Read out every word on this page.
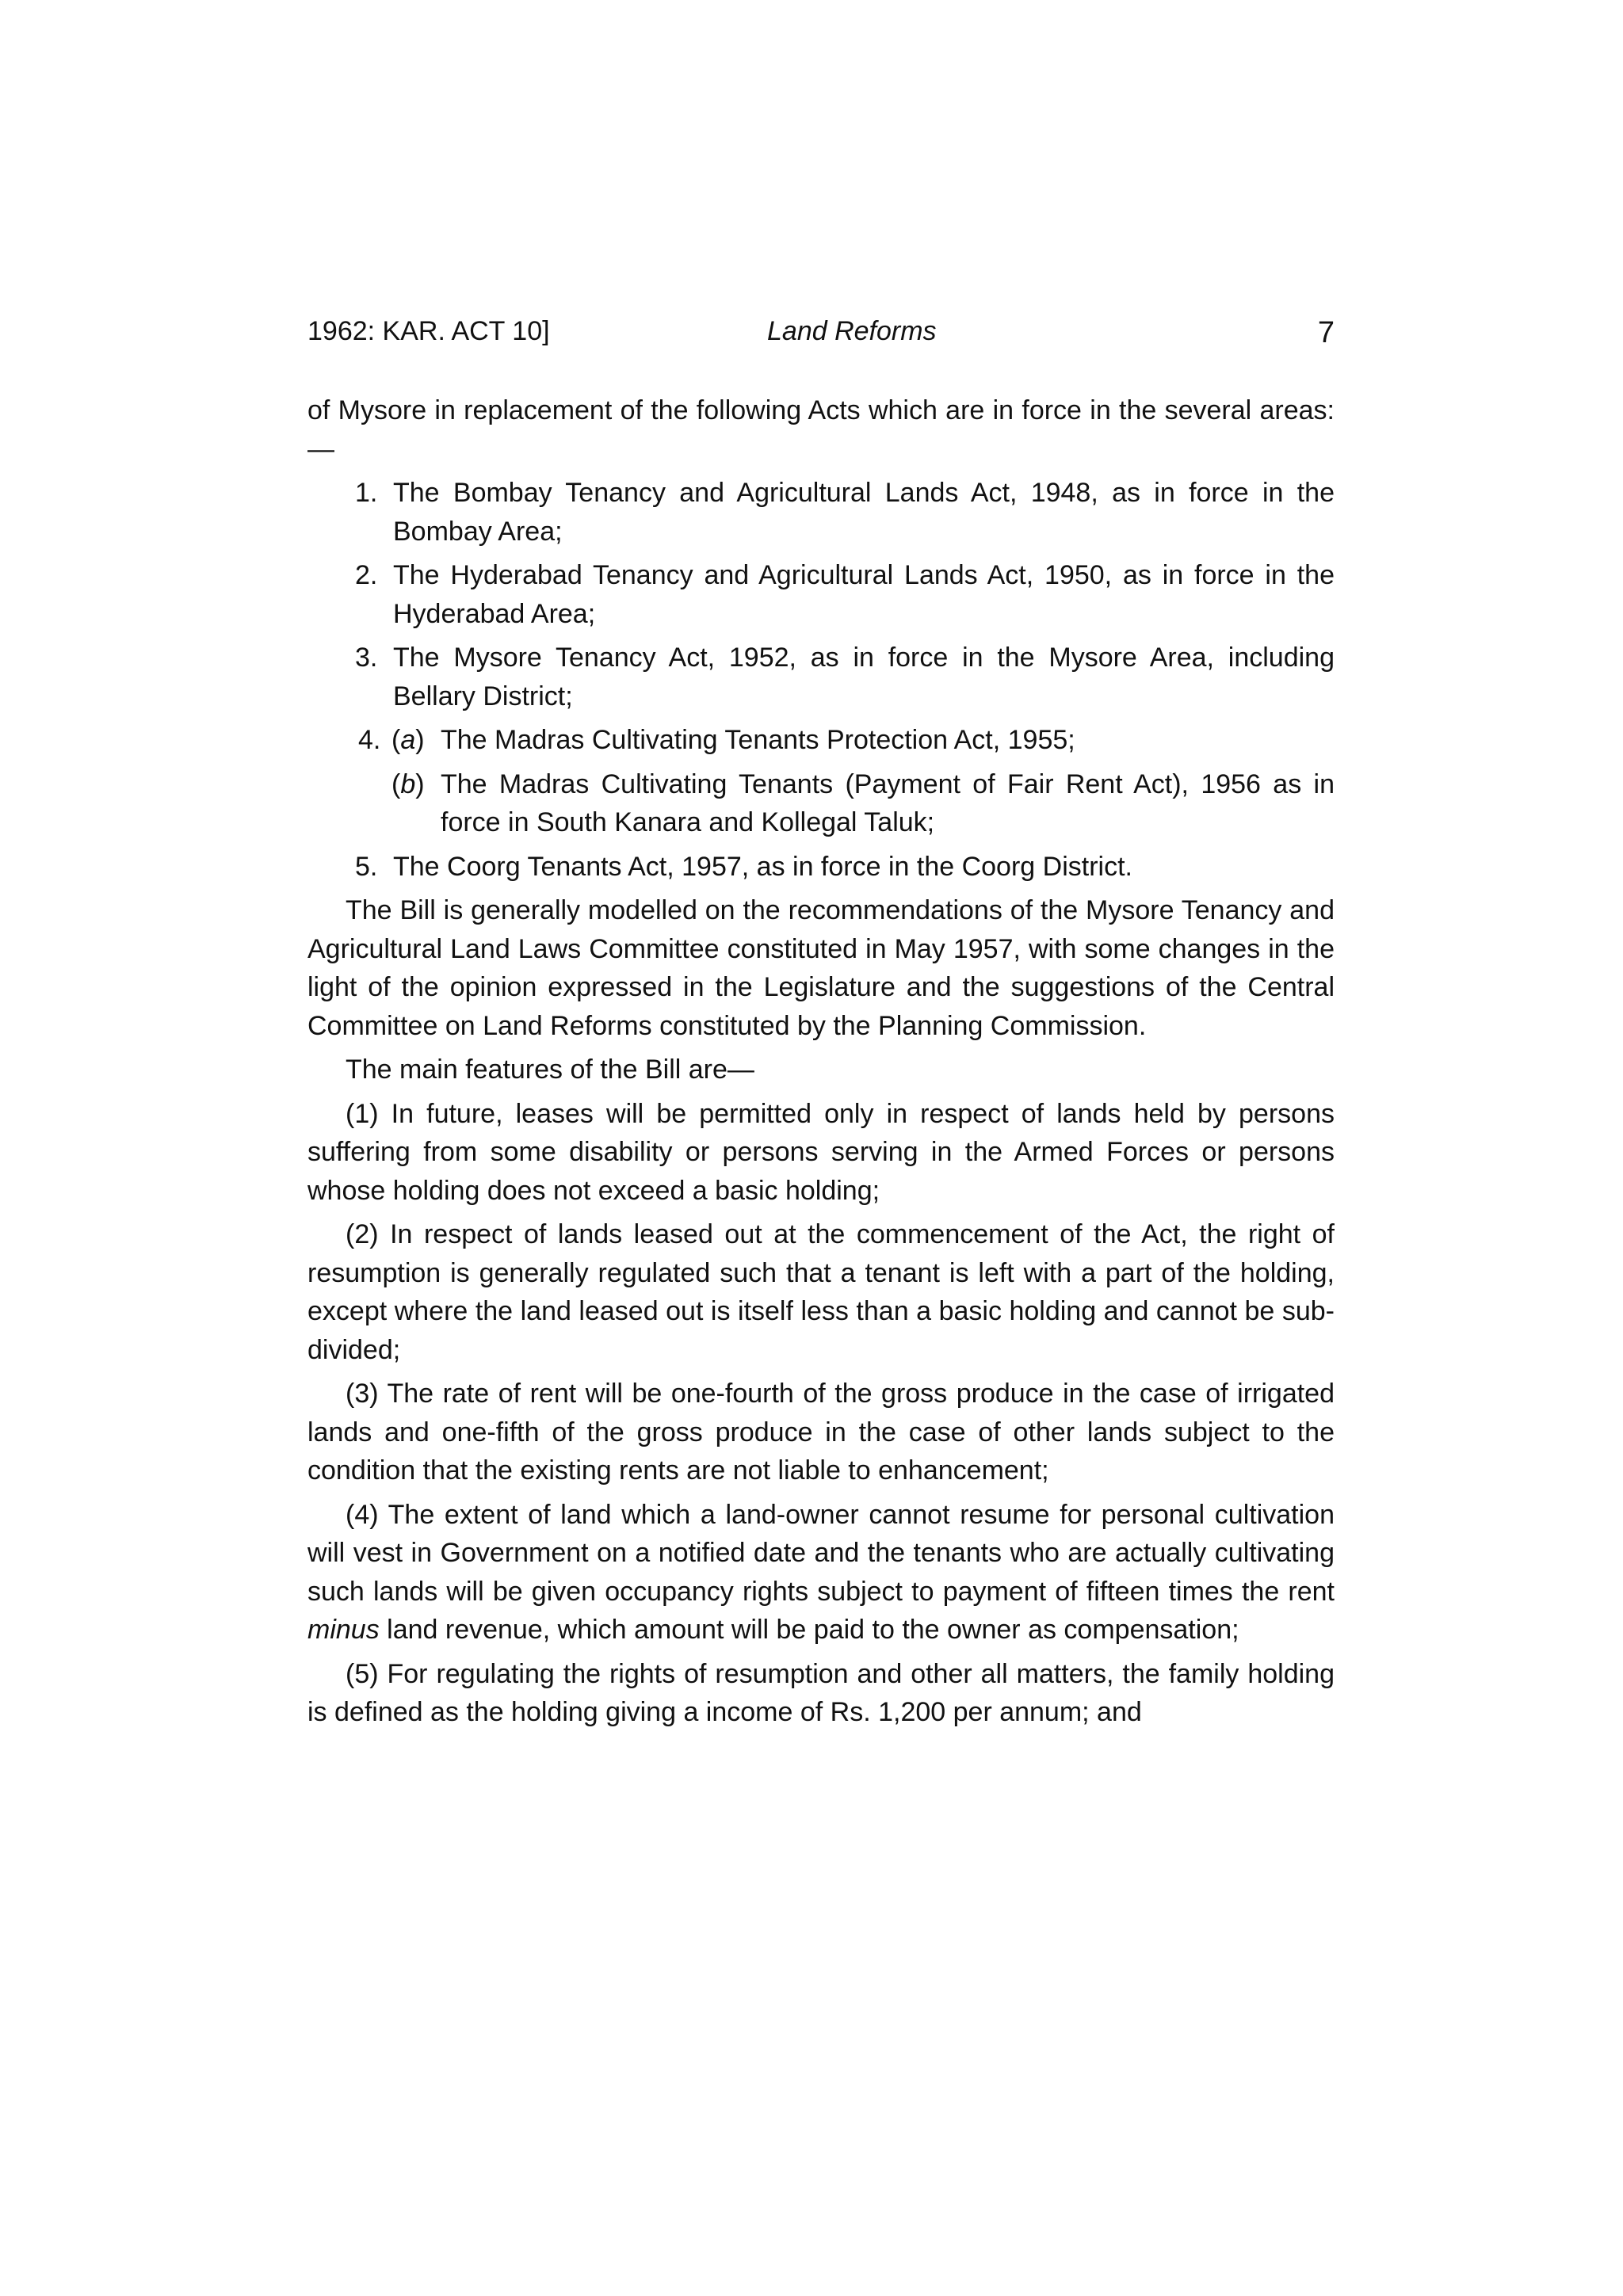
1962: KAR. ACT 10]	Land Reforms	7

of Mysore in replacement of the following Acts which are in force in the several areas:—

1. The Bombay Tenancy and Agricultural Lands Act, 1948, as in force in the Bombay Area;
2. The Hyderabad Tenancy and Agricultural Lands Act, 1950, as in force in the Hyderabad Area;
3. The Mysore Tenancy Act, 1952, as in force in the Mysore Area, including Bellary District;
4. (a) The Madras Cultivating Tenants Protection Act, 1955;
(b) The Madras Cultivating Tenants (Payment of Fair Rent Act), 1956 as in force in South Kanara and Kollegal Taluk;
5. The Coorg Tenants Act, 1957, as in force in the Coorg District.

The Bill is generally modelled on the recommendations of the Mysore Tenancy and Agricultural Land Laws Committee constituted in May 1957, with some changes in the light of the opinion expressed in the Legislature and the suggestions of the Central Committee on Land Reforms constituted by the Planning Commission.

The main features of the Bill are—

(1) In future, leases will be permitted only in respect of lands held by persons suffering from some disability or persons serving in the Armed Forces or persons whose holding does not exceed a basic holding;

(2) In respect of lands leased out at the commencement of the Act, the right of resumption is generally regulated such that a tenant is left with a part of the holding, except where the land leased out is itself less than a basic holding and cannot be sub-divided;

(3) The rate of rent will be one-fourth of the gross produce in the case of irrigated lands and one-fifth of the gross produce in the case of other lands subject to the condition that the existing rents are not liable to enhancement;

(4) The extent of land which a land-owner cannot resume for personal cultivation will vest in Government on a notified date and the tenants who are actually cultivating such lands will be given occupancy rights subject to payment of fifteen times the rent minus land revenue, which amount will be paid to the owner as compensation;

(5) For regulating the rights of resumption and other all matters, the family holding is defined as the holding giving a income of Rs. 1,200 per annum; and
